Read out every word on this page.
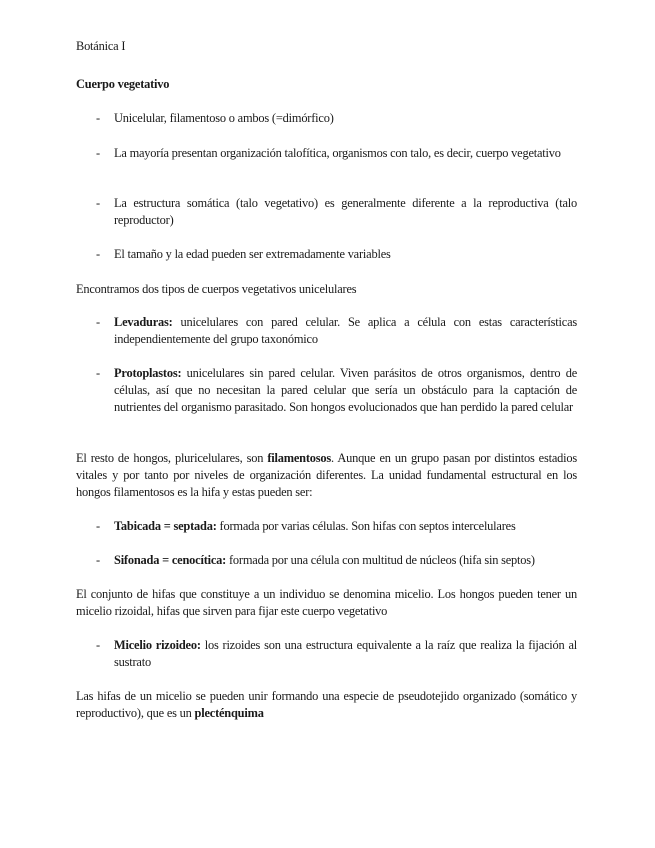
Botánica I
Cuerpo vegetativo
- Unicelular, filamentoso o ambos (=dimórfico)
- La mayoría presentan organización talofítica, organismos con talo, es decir, cuerpo vegetativo
- La estructura somática (talo vegetativo) es generalmente diferente a la reproductiva (talo reproductor)
- El tamaño y la edad pueden ser extremadamente variables
Encontramos dos tipos de cuerpos vegetativos unicelulares
- Levaduras: unicelulares con pared celular. Se aplica a célula con estas características independientemente del grupo taxonómico
- Protoplastos: unicelulares sin pared celular. Viven parásitos de otros organismos, dentro de células, así que no necesitan la pared celular que sería un obstáculo para la captación de nutrientes del organismo parasitado. Son hongos evolucionados que han perdido la pared celular
El resto de hongos, pluricelulares, son filamentosos. Aunque en un grupo pasan por distintos estadios vitales y por tanto por niveles de organización diferentes. La unidad fundamental estructural en los hongos filamentosos es la hifa y estas pueden ser:
- Tabicada = septada: formada por varias células. Son hifas con septos intercelulares
- Sifonada = cenocítica: formada por una célula con multitud de núcleos (hifa sin septos)
El conjunto de hifas que constituye a un individuo se denomina micelio. Los hongos pueden tener un micelio rizoidal, hifas que sirven para fijar este cuerpo vegetativo
- Micelio rizoideo: los rizoides son una estructura equivalente a la raíz que realiza la fijación al sustrato
Las hifas de un micelio se pueden unir formando una especie de pseudotejido organizado (somático y reproductivo), que es un plecténquima
